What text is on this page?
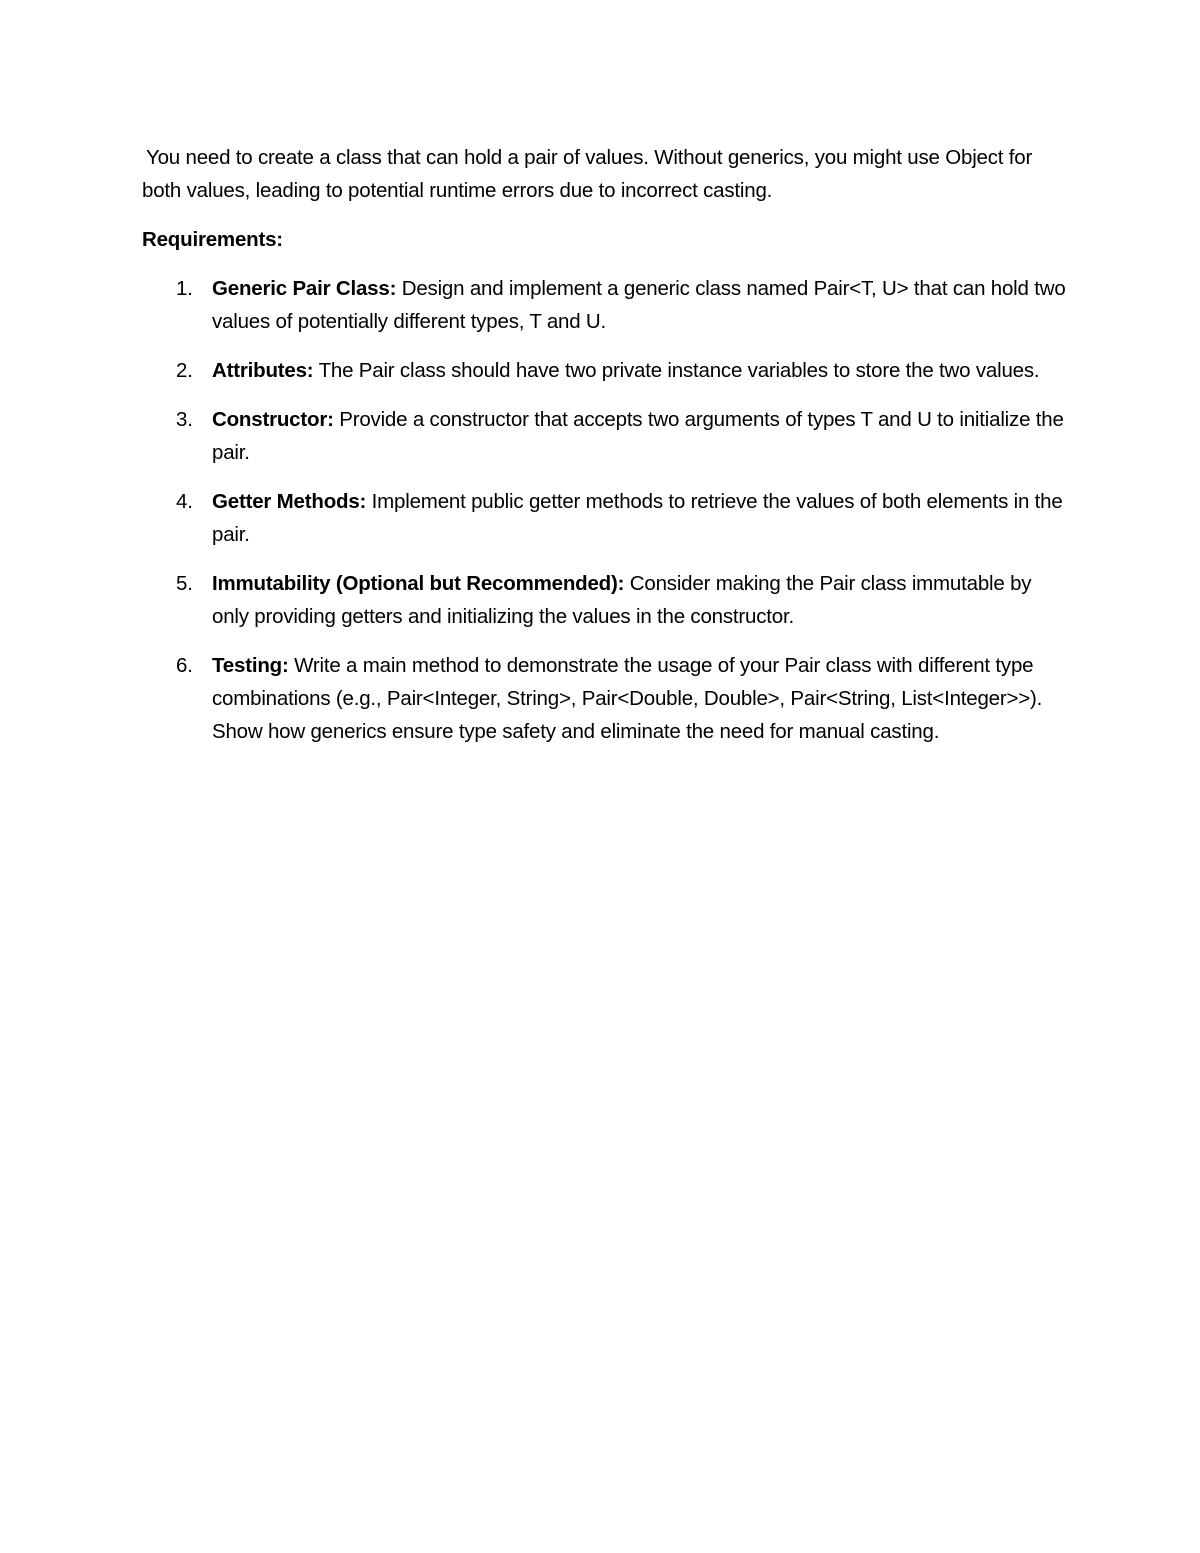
You need to create a class that can hold a pair of values. Without generics, you might use Object for both values, leading to potential runtime errors due to incorrect casting.

Requirements:

1. Generic Pair Class: Design and implement a generic class named Pair<T, U> that can hold two values of potentially different types, T and U.
2. Attributes: The Pair class should have two private instance variables to store the two values.
3. Constructor: Provide a constructor that accepts two arguments of types T and U to initialize the pair.
4. Getter Methods: Implement public getter methods to retrieve the values of both elements in the pair.
5. Immutability (Optional but Recommended): Consider making the Pair class immutable by only providing getters and initializing the values in the constructor.
6. Testing: Write a main method to demonstrate the usage of your Pair class with different type combinations (e.g., Pair<Integer, String>, Pair<Double, Double>, Pair<String, List<Integer>>). Show how generics ensure type safety and eliminate the need for manual casting.
